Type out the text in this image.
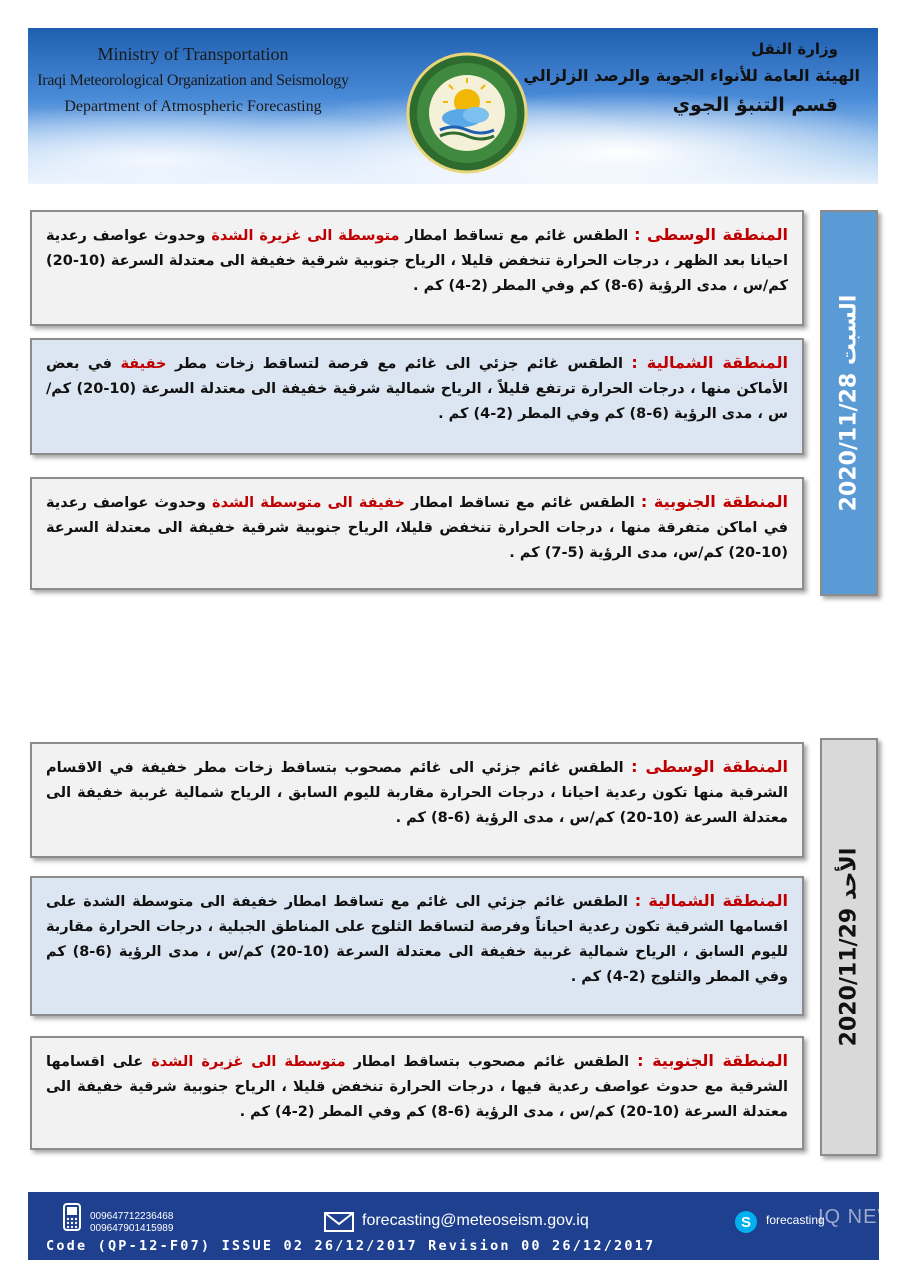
Ministry of Transportation
Iraqi Meteorological Organization and Seismology
Department of Atmospheric Forecasting
وزارة النقل
الهيئة العامة للأنواء الجوية والرصد الزلزالي
قسم التنبؤ الجوي

المنطقة الوسطى : الطقس غائم مع تساقط امطار متوسطة الى غزيرة الشدة وحدوث عواصف رعدية احيانا بعد الظهر ، درجات الحرارة تنخفض قليلا ، الرياح جنوبية شرقية خفيفة الى معتدلة السرعة (10-20) كم/س ، مدى الرؤية (6-8) كم وفي المطر (2-4) كم .

المنطقة الشمالية : الطقس غائم جزئي الى غائم مع فرصة لتساقط زخات مطر خفيفة في بعض الأماكن منها ، درجات الحرارة ترتفع قليلاً ، الرياح شمالية شرقية خفيفة الى معتدلة السرعة (10-20) كم/س ، مدى الرؤية (6-8) كم وفي المطر (2-4) كم .

المنطقة الجنوبية : الطقس غائم مع تساقط امطار خفيفة الى متوسطة الشدة وحدوث عواصف رعدية في اماكن متفرقة منها ، درجات الحرارة تنخفض قليلا، الرياح جنوبية شرقية خفيفة الى معتدلة السرعة (10-20) كم/س، مدى الرؤية (5-7) كم .

السبت 2020/11/28

المنطقة الوسطى : الطقس غائم جزئي الى غائم مصحوب بتساقط زخات مطر خفيفة في الاقسام الشرقية منها تكون رعدية احيانا ، درجات الحرارة مقاربة لليوم السابق ، الرياح شمالية غربية خفيفة الى معتدلة السرعة (10-20) كم/س ، مدى الرؤية (6-8) كم .

المنطقة الشمالية : الطقس غائم جزئي الى غائم مع تساقط امطار خفيفة الى متوسطة الشدة على اقسامها الشرقية تكون رعدية احياناً وفرصة لتساقط الثلوج على المناطق الجبلية ، درجات الحرارة مقاربة لليوم السابق ، الرياح شمالية غربية خفيفة الى معتدلة السرعة (10-20) كم/س ، مدى الرؤية (6-8) كم وفي المطر والثلوج (2-4) كم .

المنطقة الجنوبية : الطقس غائم مصحوب بتساقط امطار متوسطة الى غزيرة الشدة على اقسامها الشرقية مع حدوث عواصف رعدية فيها ، درجات الحرارة تنخفض قليلا ، الرياح جنوبية شرقية خفيفة الى معتدلة السرعة (10-20) كم/س ، مدى الرؤية (6-8) كم وفي المطر (2-4) كم .

الأحد 2020/11/29
009647712236468
009647901415989	forecasting@meteoseism.gov.iq	S forecasting
Code (QP-12-F07) ISSUE 02 26/12/2017 Revision 00 26/12/2017
IQ NEW
